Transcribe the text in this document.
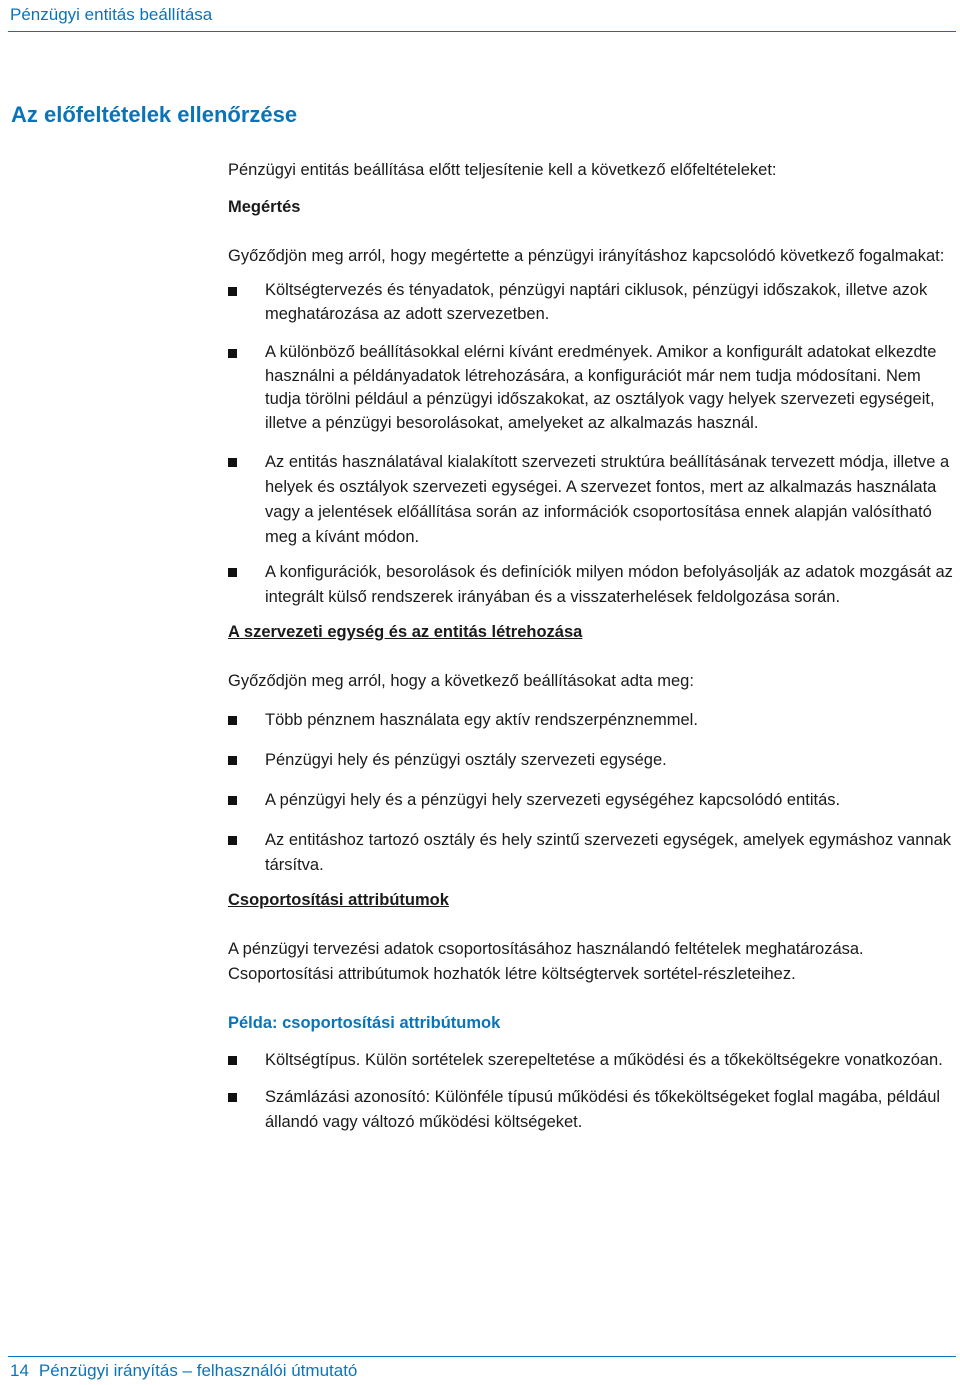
Pénzügyi entitás beállítása
Az előfeltételek ellenőrzése

Pénzügyi entitás beállítása előtt teljesítenie kell a következő előfeltételeket:

Megértés

Győződjön meg arról, hogy megértette a pénzügyi irányításhoz kapcsolódó következő fogalmakat:

Költségtervezés és tényadatok, pénzügyi naptári ciklusok, pénzügyi időszakok, illetve azok meghatározása az adott szervezetben.
A különböző beállításokkal elérni kívánt eredmények. Amikor a konfigurált adatokat elkezdte használni a példányadatok létrehozására, a konfigurációt már nem tudja módosítani. Nem tudja törölni például a pénzügyi időszakokat, az osztályok vagy helyek szervezeti egységeit, illetve a pénzügyi besorolásokat, amelyeket az alkalmazás használ.
Az entitás használatával kialakított szervezeti struktúra beállításának tervezett módja, illetve a helyek és osztályok szervezeti egységei. A szervezet fontos, mert az alkalmazás használata vagy a jelentések előállítása során az információk csoportosítása ennek alapján valósítható meg a kívánt módon.
A konfigurációk, besorolások és definíciók milyen módon befolyásolják az adatok mozgását az integrált külső rendszerek irányában és a visszaterhelések feldolgozása során.

A szervezeti egység és az entitás létrehozása

Győződjön meg arról, hogy a következő beállításokat adta meg:

Több pénznem használata egy aktív rendszerpénznemmel.
Pénzügyi hely és pénzügyi osztály szervezeti egysége.
A pénzügyi hely és a pénzügyi hely szervezeti egységéhez kapcsolódó entitás.
Az entitáshoz tartozó osztály és hely szintű szervezeti egységek, amelyek egymáshoz vannak társítva.

Csoportosítási attribútumok

A pénzügyi tervezési adatok csoportosításához használandó feltételek meghatározása. Csoportosítási attribútumok hozhatók létre költségtervek sortétel-részleteihez.

Példa: csoportosítási attribútumok

Költségtípus. Külön sortételek szerepeltetése a működési és a tőkeköltségekre vonatkozóan.
Számlázási azonosító: Különféle típusú működési és tőkeköltségeket foglal magába, például állandó vagy változó működési költségeket.
14 Pénzügyi irányítás – felhasználói útmutató
